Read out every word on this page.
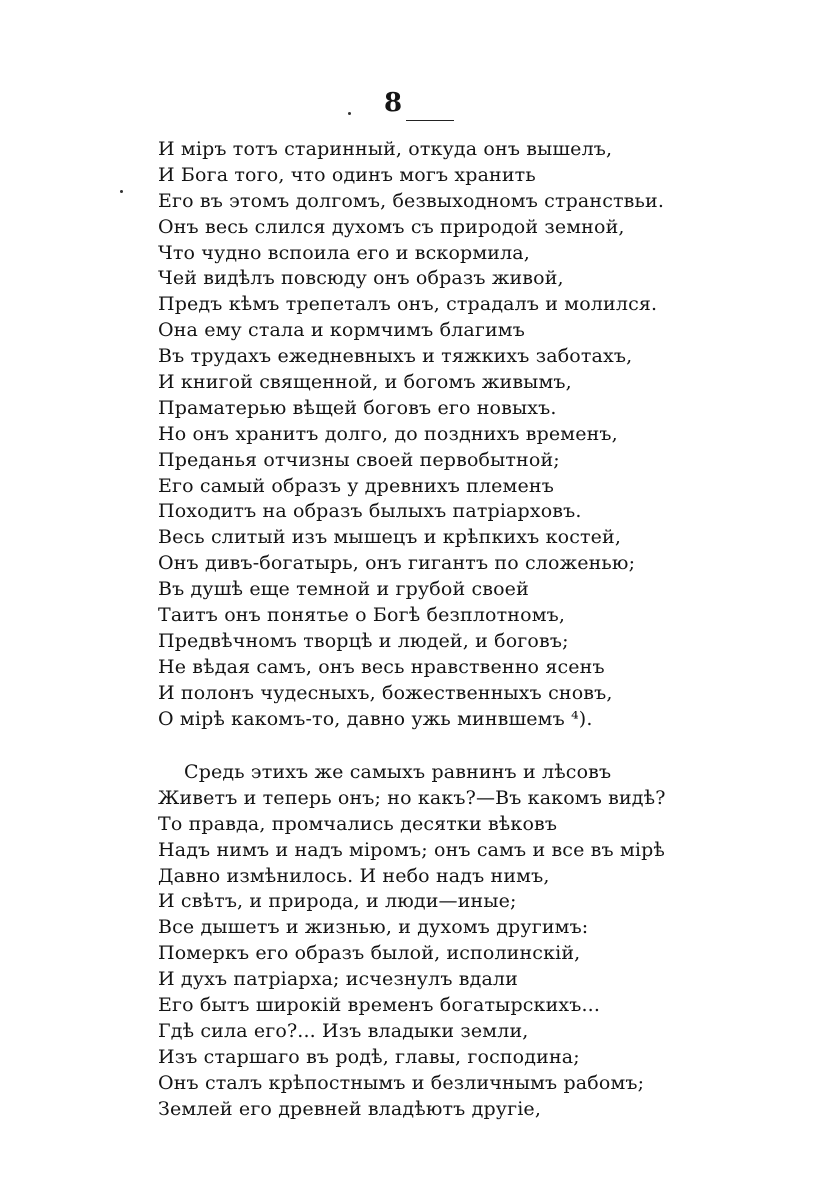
8
И міръ тотъ старинный, откуда онъ вышелъ,
И Бога того, что одинъ могъ хранить
Его въ этомъ долгомъ, безвыходномъ странствьи.
Онъ весь слился духомъ съ природой земной,
Что чудно вспоила его и вскормила,
Чей видѣлъ повсюду онъ образъ живой,
Предъ кѣмъ трепеталъ онъ, страдалъ и молился.
Она ему стала и кормчимъ благимъ
Въ трудахъ ежедневныхъ и тяжкихъ заботахъ,
И книгой священной, и богомъ живымъ,
Праматерью вѣщей боговъ его новыхъ.
Но онъ хранитъ долго, до позднихъ временъ,
Преданья отчизны своей первобытной;
Его самый образъ у древнихъ племенъ
Походитъ на образъ былыхъ патріарховъ.
Весь слитый изъ мышецъ и крѣпкихъ костей,
Онъ дивъ-богатырь, онъ гигантъ по сложенью;
Въ душѣ еще темной и грубой своей
Таитъ онъ понятье о Богѣ безплотномъ,
Предвѣчномъ творцѣ и людей, и боговъ;
Не вѣдая самъ, онъ весь нравственно ясенъ
И полонъ чудесныхъ, божественныхъ сновъ,
О мірѣ какомъ-то, давно ужь минвшемъ ⁴).
Средь этихъ же самыхъ равнинъ и лѣсовъ
Живетъ и теперь онъ; но какъ?—Въ какомъ видѣ?
То правда, промчались десятки вѣковъ
Надъ нимъ и надъ міромъ; онъ самъ и все въ мірѣ
Давно измѣнилось. И небо надъ нимъ,
И свѣтъ, и природа, и люди—иные;
Все дышетъ и жизнью, и духомъ другимъ:
Померкъ его образъ былой, исполинскій,
И духъ патріарха; исчезнулъ вдали
Его бытъ широкій временъ богатырскихъ...
Гдѣ сила его?... Изъ владыки земли,
Изъ старшаго въ родѣ, главы, господина;
Онъ сталъ крѣпостнымъ и безличнымъ рабомъ;
Землей его древней владѣютъ другіе,
